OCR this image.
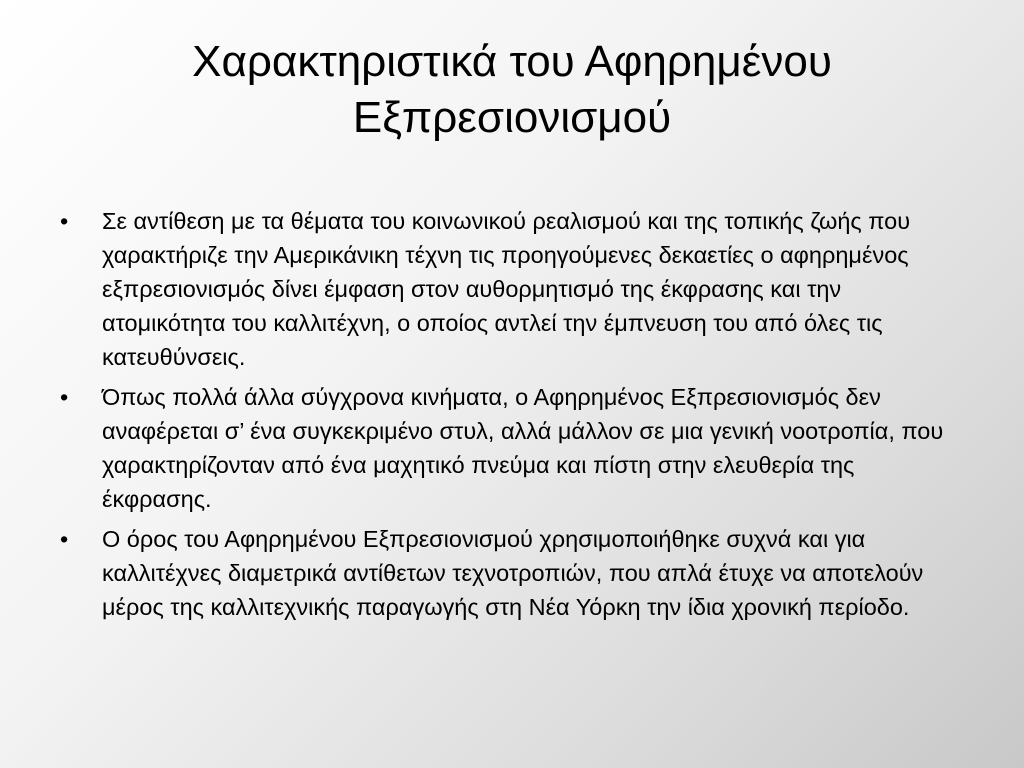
Χαρακτηριστικά του Αφηρημένου
Εξπρεσιονισμού
•	Σε αντίθεση με τα θέματα του κοινωνικού ρεαλισμού και της τοπικής ζωής που χαρακτήριζε την Αμερικάνικη τέχνη τις προηγούμενες δεκαετίες ο αφηρημένος εξπρεσιονισμός δίνει έμφαση στον αυθορμητισμό της έκφρασης και την ατομικότητα του καλλιτέχνη, ο οποίος αντλεί την έμπνευση του από όλες τις κατευθύνσεις.
•	Όπως πολλά άλλα σύγχρονα κινήματα, ο Αφηρημένος Εξπρεσιονισμός δεν αναφέρεται σ’ ένα συγκεκριμένο στυλ, αλλά μάλλον σε μια γενική νοοτροπία, που χαρακτηρίζονταν από ένα μαχητικό πνεύμα και πίστη στην ελευθερία της έκφρασης.
•	Ο όρος του Αφηρημένου Εξπρεσιονισμού χρησιμοποιήθηκε συχνά και για καλλιτέχνες διαμετρικά αντίθετων τεχνοτροπιών, που απλά έτυχε να αποτελούν μέρος της καλλιτεχνικής παραγωγής στη Νέα Υόρκη την ίδια χρονική περίοδο.
